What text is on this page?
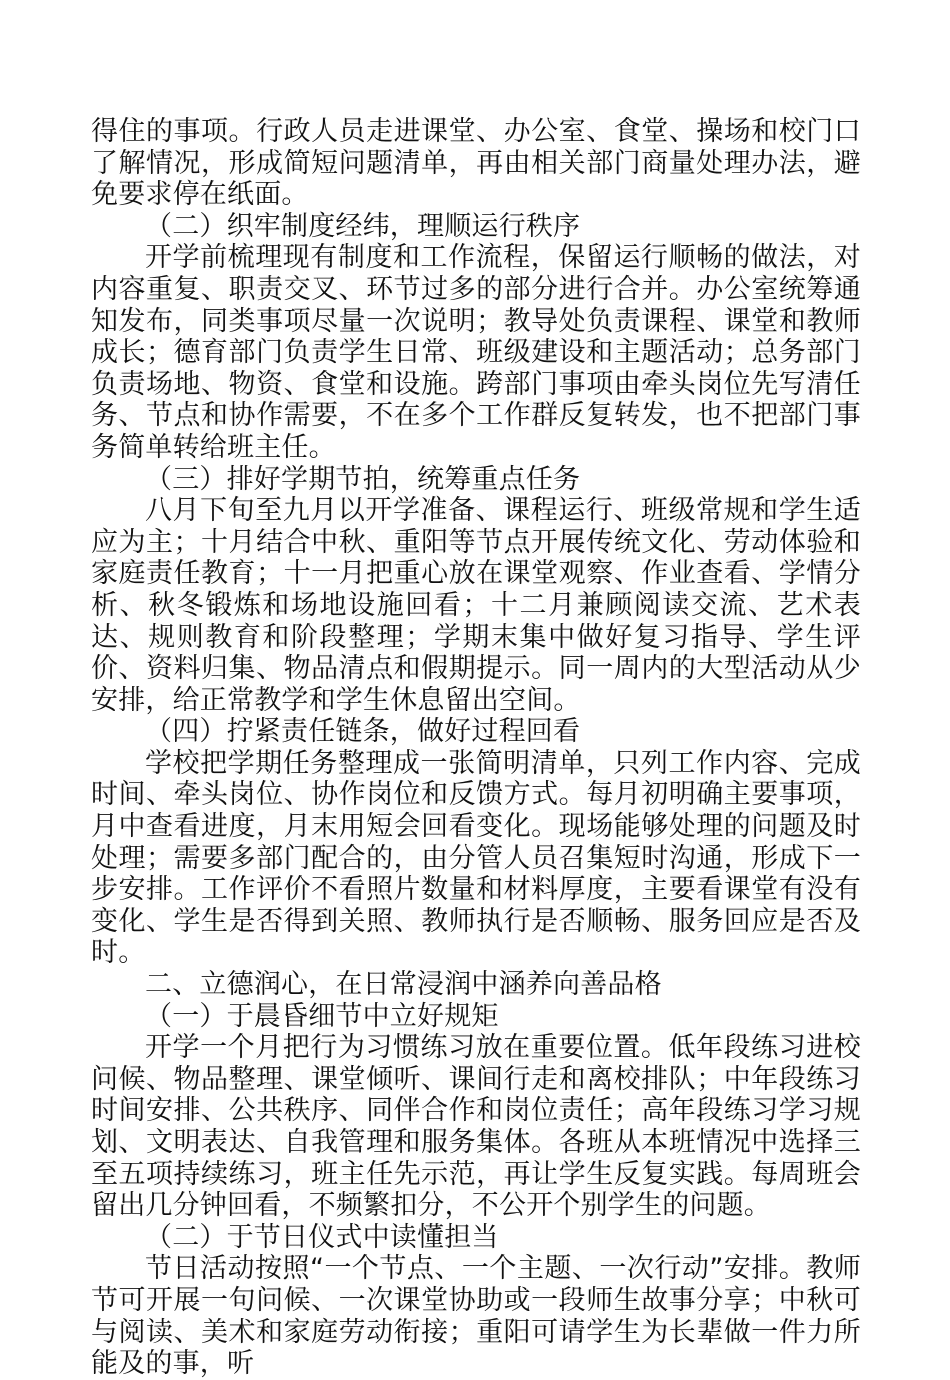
得住的事项。行政人员走进课堂、办公室、食堂、操场和校门口了解情况，形成简短问题清单，再由相关部门商量处理办法，避免要求停在纸面。

（二）织牢制度经纬，理顺运行秩序

开学前梳理现有制度和工作流程，保留运行顺畅的做法，对内容重复、职责交叉、环节过多的部分进行合并。办公室统筹通知发布，同类事项尽量一次说明；教导处负责课程、课堂和教师成长；德育部门负责学生日常、班级建设和主题活动；总务部门负责场地、物资、食堂和设施。跨部门事项由牵头岗位先写清任务、节点和协作需要，不在多个工作群反复转发，也不把部门事务简单转给班主任。

（三）排好学期节拍，统筹重点任务

八月下旬至九月以开学准备、课程运行、班级常规和学生适应为主；十月结合中秋、重阳等节点开展传统文化、劳动体验和家庭责任教育；十一月把重心放在课堂观察、作业查看、学情分析、秋冬锻炼和场地设施回看；十二月兼顾阅读交流、艺术表达、规则教育和阶段整理；学期末集中做好复习指导、学生评价、资料归集、物品清点和假期提示。同一周内的大型活动从少安排，给正常教学和学生休息留出空间。

（四）拧紧责任链条，做好过程回看

学校把学期任务整理成一张简明清单，只列工作内容、完成时间、牵头岗位、协作岗位和反馈方式。每月初明确主要事项，月中查看进度，月末用短会回看变化。现场能够处理的问题及时处理；需要多部门配合的，由分管人员召集短时沟通，形成下一步安排。工作评价不看照片数量和材料厚度，主要看课堂有没有变化、学生是否得到关照、教师执行是否顺畅、服务回应是否及时。

二、立德润心，在日常浸润中涵养向善品格

（一）于晨昏细节中立好规矩

开学一个月把行为习惯练习放在重要位置。低年段练习进校问候、物品整理、课堂倾听、课间行走和离校排队；中年段练习时间安排、公共秩序、同伴合作和岗位责任；高年段练习学习规划、文明表达、自我管理和服务集体。各班从本班情况中选择三至五项持续练习，班主任先示范，再让学生反复实践。每周班会留出几分钟回看，不频繁扣分，不公开个别学生的问题。

（二）于节日仪式中读懂担当

节日活动按照“一个节点、一个主题、一次行动”安排。教师节可开展一句问候、一次课堂协助或一段师生故事分享；中秋可与阅读、美术和家庭劳动衔接；重阳可请学生为长辈做一件力所能及的事，听
